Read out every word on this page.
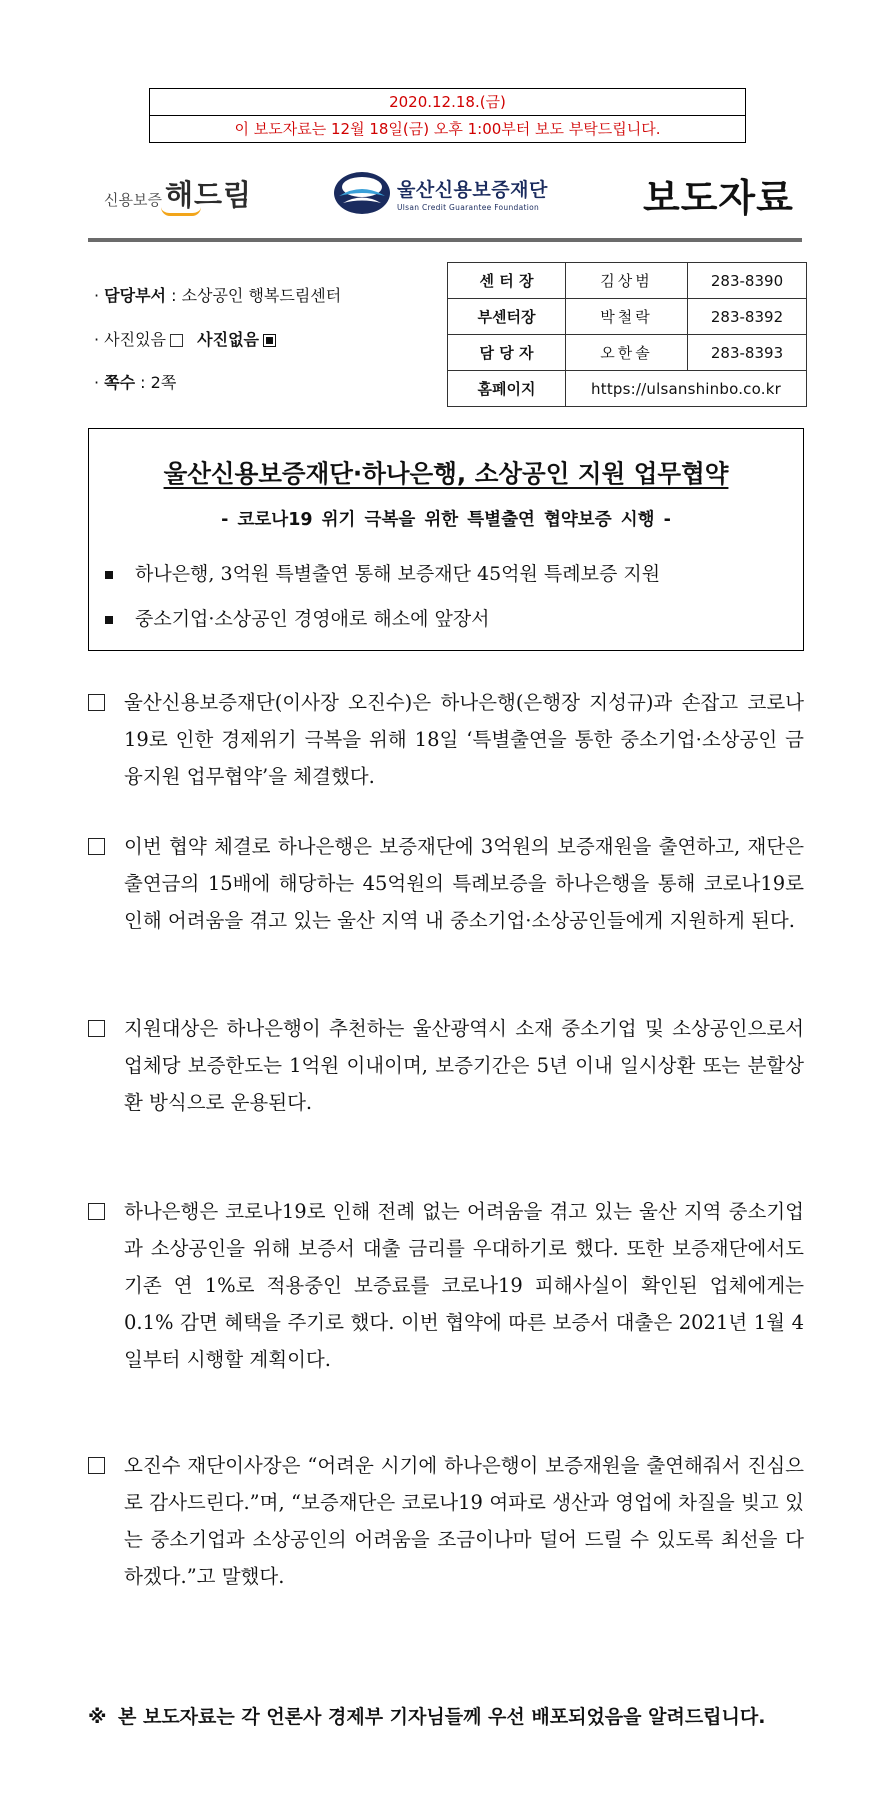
2020.12.18.(금)
이 보도자료는 12월 18일(금) 오후 1:00부터 보도 부탁드립니다.
신용보증 해드림	울산신용보증재단
Ulsan Credit Guarantee Foundation	보도자료
· 담당부서 : 소상공인 행복드림센터
· 사진있음 사진없음
· 쪽수 : 2쪽
센 터 장	김상범	283-8390
부센터장	박철락	283-8392
담 당 자	오한솔	283-8393
홈페이지	https://ulsanshinbo.co.kr	
울산신용보증재단·하나은행, 소상공인 지원 업무협약
- 코로나19 위기 극복을 위한 특별출연 협약보증 시행 -
하나은행, 3억원 특별출연 통해 보증재단 45억원 특례보증 지원
중소기업·소상공인 경영애로 해소에 앞장서
울산신용보증재단(이사장 오진수)은 하나은행(은행장 지성규)과 손잡고 코로나19로 인한 경제위기 극복을 위해 18일 ‘특별출연을 통한 중소기업·소상공인 금융지원 업무협약’을 체결했다.
이번 협약 체결로 하나은행은 보증재단에 3억원의 보증재원을 출연하고, 재단은 출연금의 15배에 해당하는 45억원의 특례보증을 하나은행을 통해 코로나19로 인해 어려움을 겪고 있는 울산 지역 내 중소기업·소상공인들에게 지원하게 된다.
지원대상은 하나은행이 추천하는 울산광역시 소재 중소기업 및 소상공인으로서 업체당 보증한도는 1억원 이내이며, 보증기간은 5년 이내 일시상환 또는 분할상환 방식으로 운용된다.
하나은행은 코로나19로 인해 전례 없는 어려움을 겪고 있는 울산 지역 중소기업과 소상공인을 위해 보증서 대출 금리를 우대하기로 했다. 또한 보증재단에서도 기존 연 1%로 적용중인 보증료를 코로나19 피해사실이 확인된 업체에게는 0.1% 감면 혜택을 주기로 했다. 이번 협약에 따른 보증서 대출은 2021년 1월 4일부터 시행할 계획이다.
오진수 재단이사장은 “어려운 시기에 하나은행이 보증재원을 출연해줘서 진심으로 감사드린다.”며, “보증재단은 코로나19 여파로 생산과 영업에 차질을 빚고 있는 중소기업과 소상공인의 어려움을 조금이나마 덜어 드릴 수 있도록 최선을 다하겠다.”고 말했다.
※ 본 보도자료는 각 언론사 경제부 기자님들께 우선 배포되었음을 알려드립니다.
